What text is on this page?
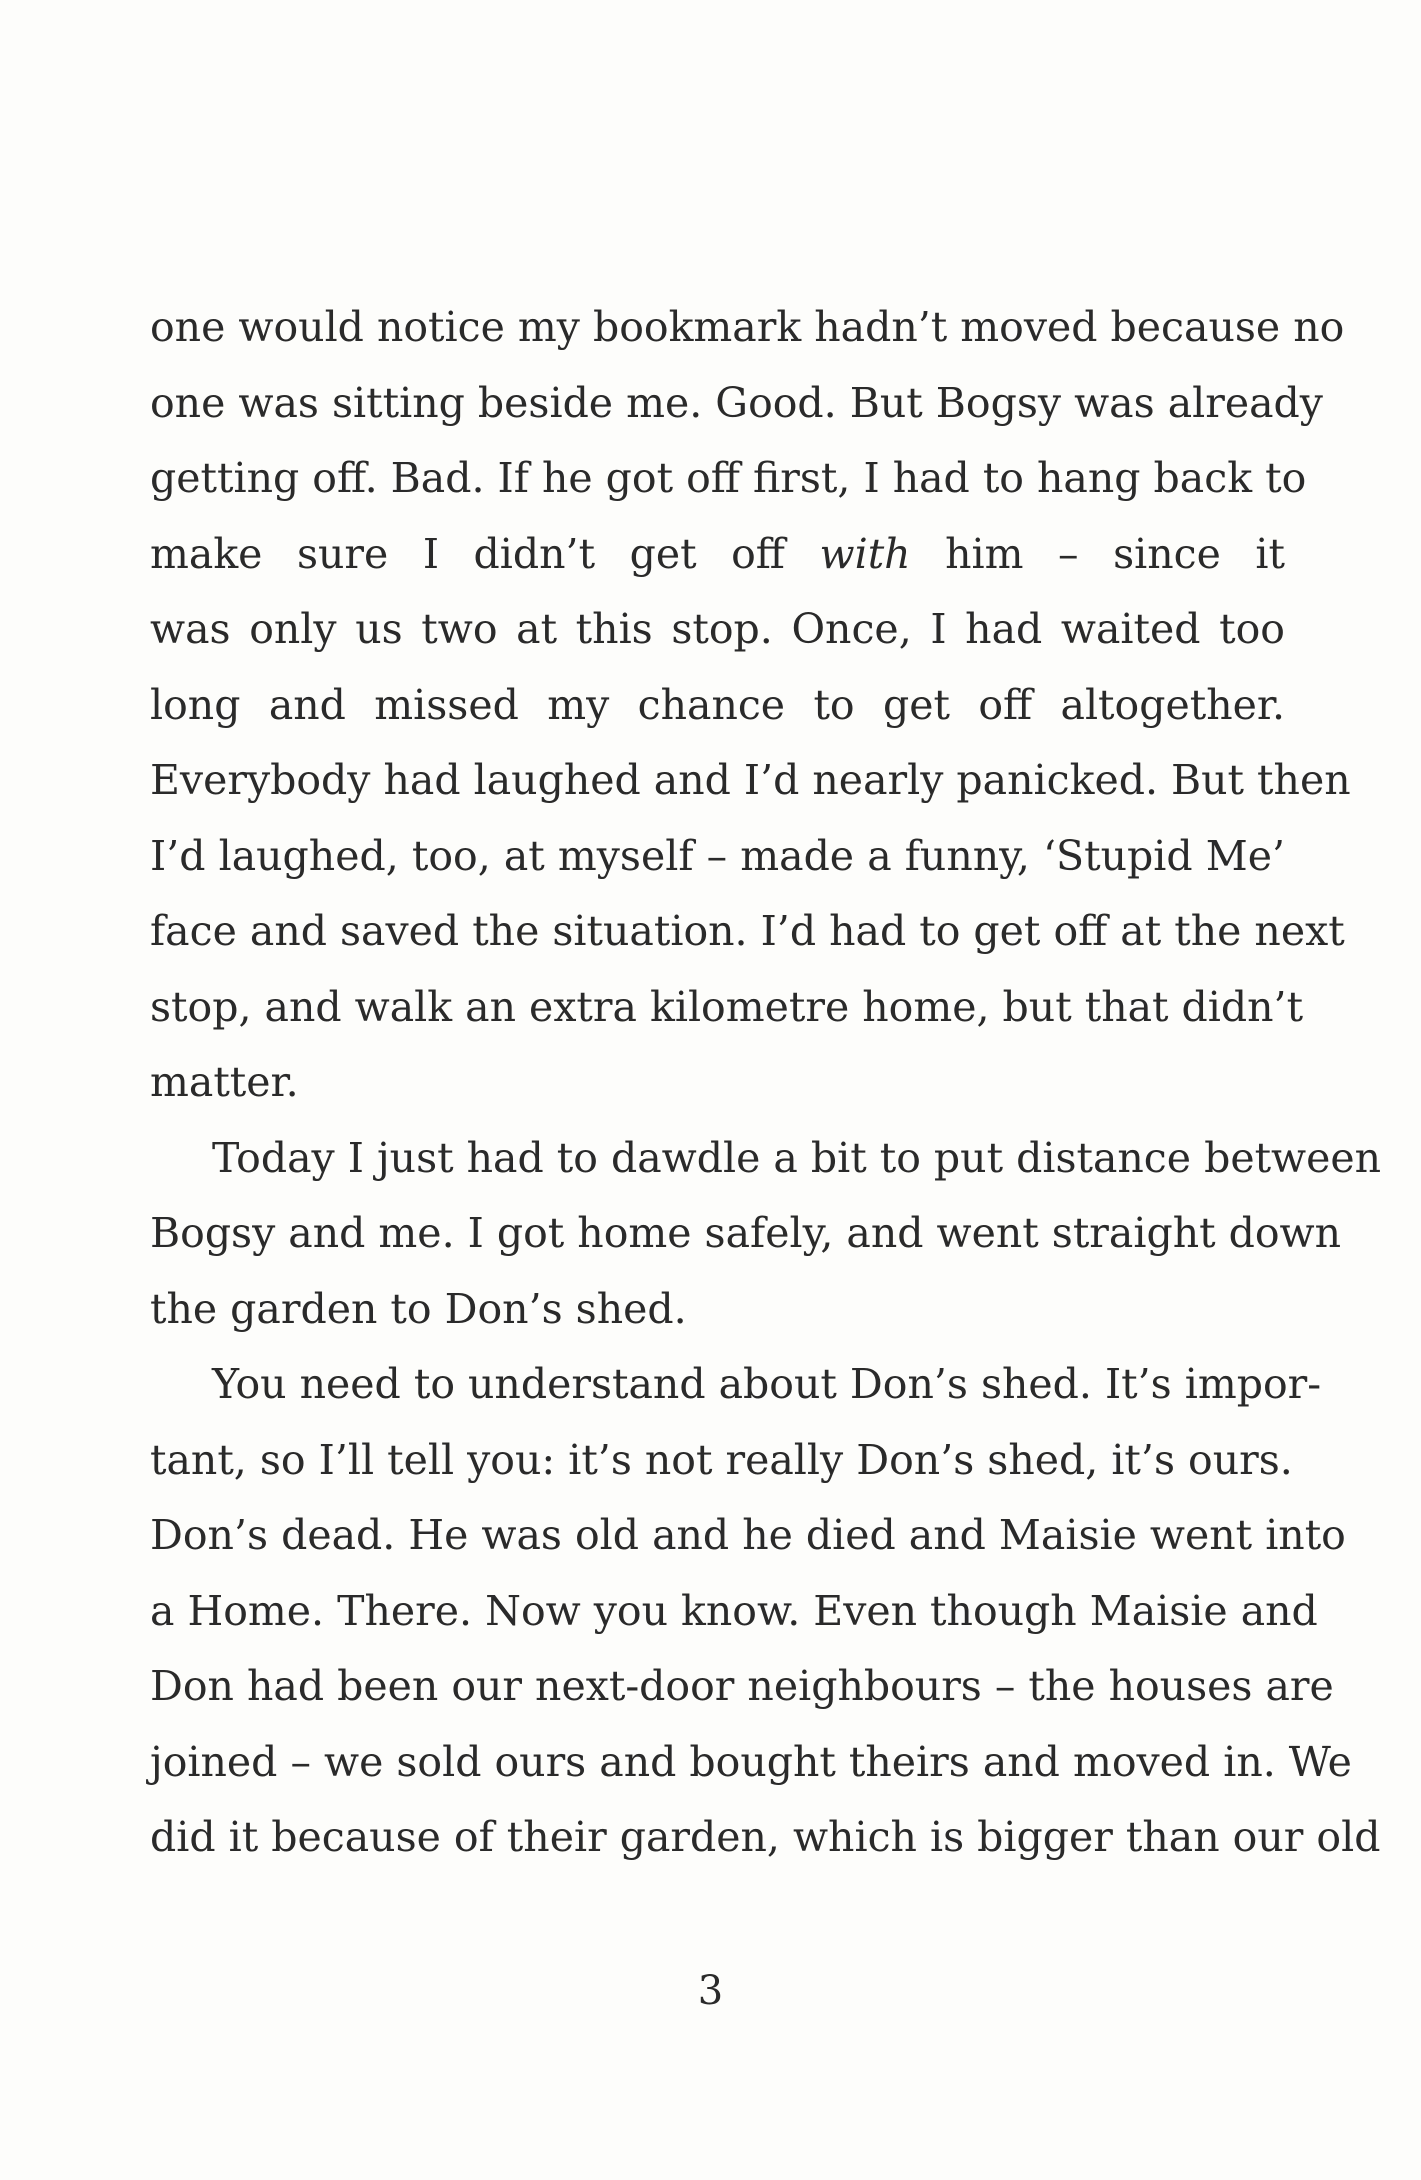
one would notice my bookmark hadn’t moved because no
one was sitting beside me. Good. But Bogsy was already
getting off. Bad. If he got off first, I had to hang back to
make sure I didn’t get off with him – since it
was only us two at this stop. Once, I had waited too
long and missed my chance to get off altogether.
Everybody had laughed and I’d nearly panicked. But then
I’d laughed, too, at myself – made a funny, ‘Stupid Me’
face and saved the situation. I’d had to get off at the next
stop, and walk an extra kilometre home, but that didn’t
matter.
Today I just had to dawdle a bit to put distance between
Bogsy and me. I got home safely, and went straight down
the garden to Don’s shed.
You need to understand about Don’s shed. It’s impor-
tant, so I’ll tell you: it’s not really Don’s shed, it’s ours.
Don’s dead. He was old and he died and Maisie went into
a Home. There. Now you know. Even though Maisie and
Don had been our next-door neighbours – the houses are
joined – we sold ours and bought theirs and moved in. We
did it because of their garden, which is bigger than our old
3
